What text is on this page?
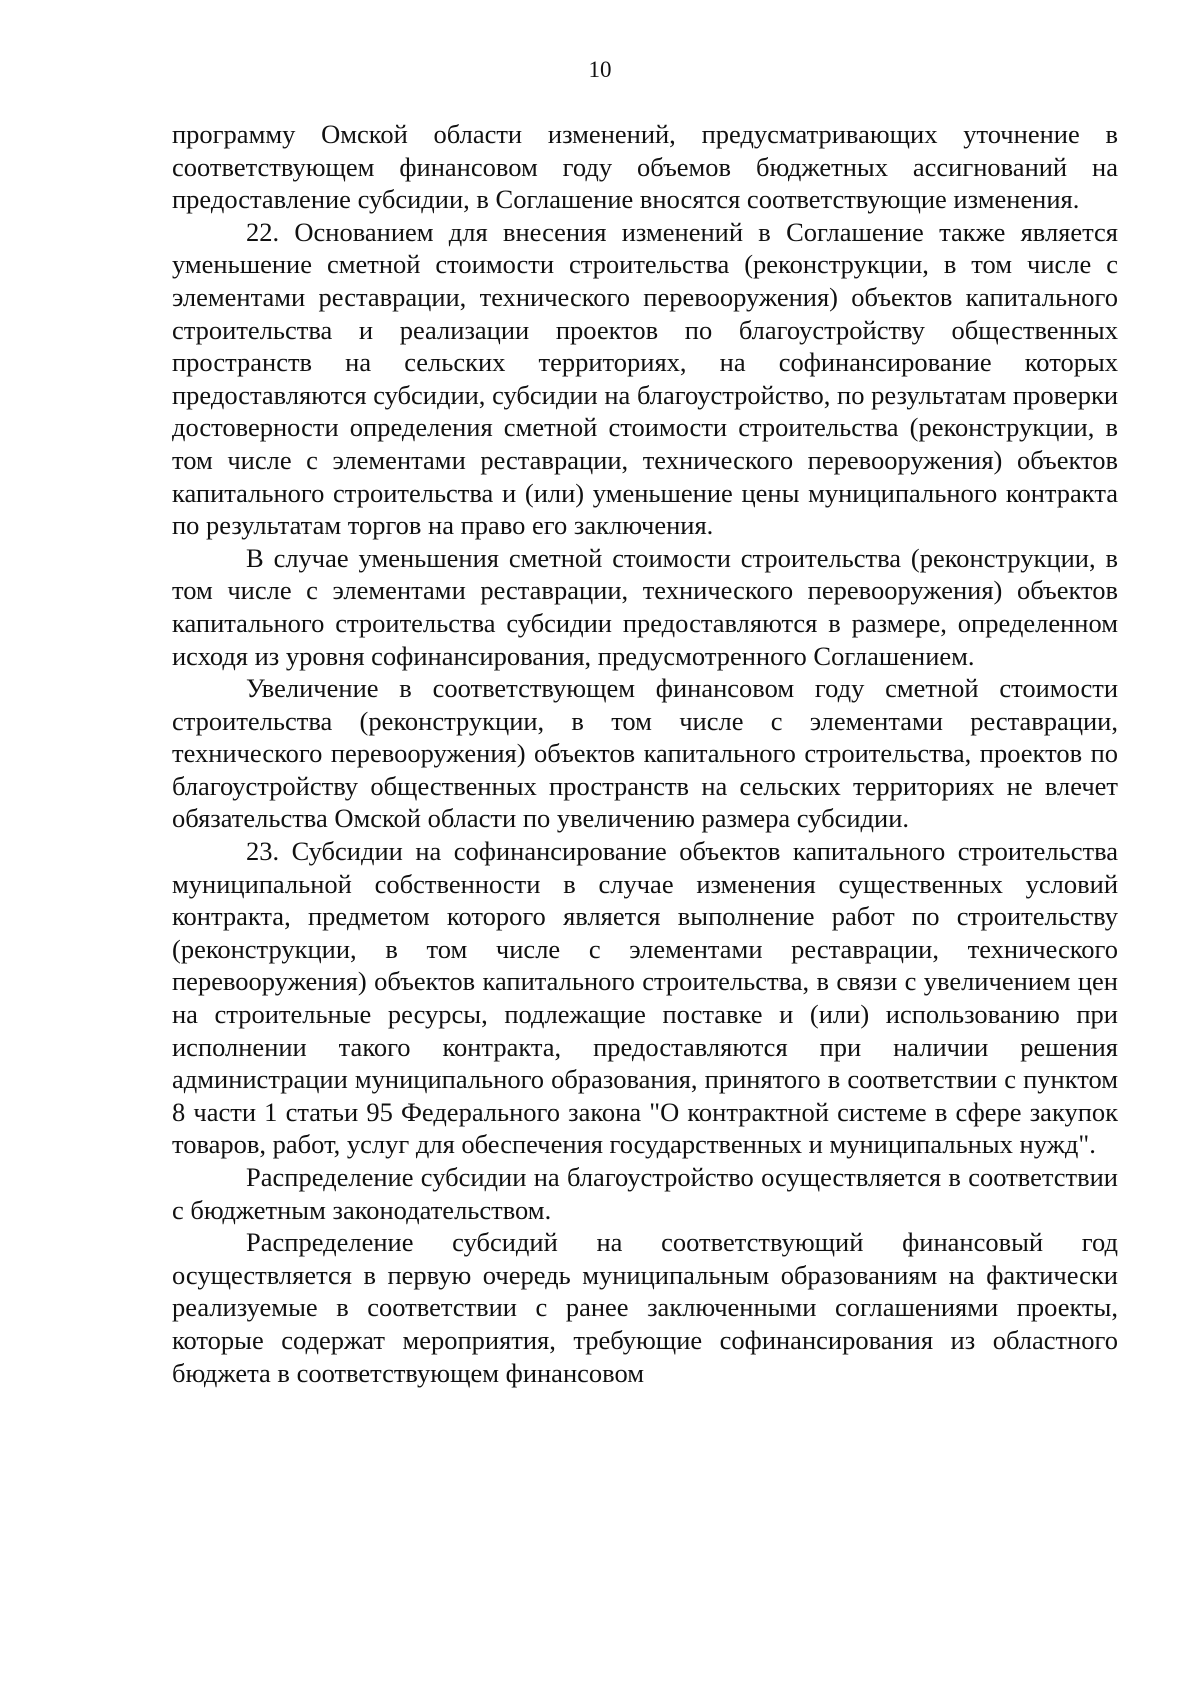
10

программу Омской области изменений, предусматривающих уточнение в соответствующем финансовом году объемов бюджетных ассигнований на предоставление субсидии, в Соглашение вносятся соответствующие изменения.

22. Основанием для внесения изменений в Соглашение также является уменьшение сметной стоимости строительства (реконструкции, в том числе с элементами реставрации, технического перевооружения) объектов капитального строительства и реализации проектов по благоустройству общественных пространств на сельских территориях, на софинансирование которых предоставляются субсидии, субсидии на благоустройство, по результатам проверки достоверности определения сметной стоимости строительства (реконструкции, в том числе с элементами реставрации, технического перевооружения) объектов капитального строительства и (или) уменьшение цены муниципального контракта по результатам торгов на право его заключения.

В случае уменьшения сметной стоимости строительства (реконструкции, в том числе с элементами реставрации, технического перевооружения) объектов капитального строительства субсидии предоставляются в размере, определенном исходя из уровня софинансирования, предусмотренного Соглашением.

Увеличение в соответствующем финансовом году сметной стоимости строительства (реконструкции, в том числе с элементами реставрации, технического перевооружения) объектов капитального строительства, проектов по благоустройству общественных пространств на сельских территориях не влечет обязательства Омской области по увеличению размера субсидии.

23. Субсидии на софинансирование объектов капитального строительства муниципальной собственности в случае изменения существенных условий контракта, предметом которого является выполнение работ по строительству (реконструкции, в том числе с элементами реставрации, технического перевооружения) объектов капитального строительства, в связи с увеличением цен на строительные ресурсы, подлежащие поставке и (или) использованию при исполнении такого контракта, предоставляются при наличии решения администрации муниципального образования, принятого в соответствии с пунктом 8 части 1 статьи 95 Федерального закона "О контрактной системе в сфере закупок товаров, работ, услуг для обеспечения государственных и муниципальных нужд".

Распределение субсидии на благоустройство осуществляется в соответствии с бюджетным законодательством.

Распределение субсидий на соответствующий финансовый год осуществляется в первую очередь муниципальным образованиям на фактически реализуемые в соответствии с ранее заключенными соглашениями проекты, которые содержат мероприятия, требующие софинансирования из областного бюджета в соответствующем финансовом
